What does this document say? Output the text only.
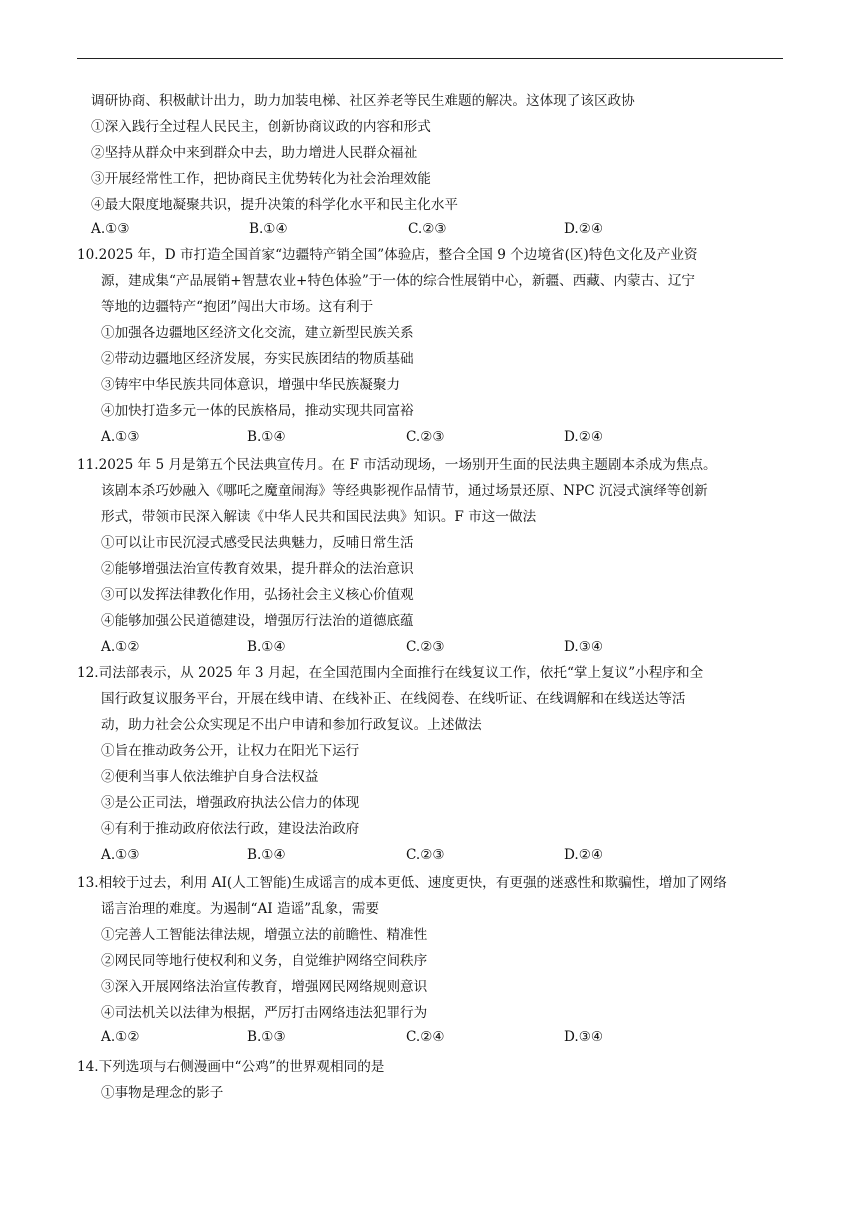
调研协商、积极献计出力，助力加装电梯、社区养老等民生难题的解决。这体现了该区政协
①深入践行全过程人民民主，创新协商议政的内容和形式
②坚持从群众中来到群众中去，助力增进人民群众福祉
③开展经常性工作，把协商民主优势转化为社会治理效能
④最大限度地凝聚共识，提升决策的科学化水平和民主化水平
A.①③	B.①④	C.②③	D.②④
10.2025 年，D 市打造全国首家“边疆特产销全国”体验店，整合全国 9 个边境省(区)特色文化及产业资
源，建成集“产品展销+智慧农业+特色体验”于一体的综合性展销中心，新疆、西藏、内蒙古、辽宁
等地的边疆特产“抱团”闯出大市场。这有利于
①加强各边疆地区经济文化交流，建立新型民族关系
②带动边疆地区经济发展，夯实民族团结的物质基础
③铸牢中华民族共同体意识，增强中华民族凝聚力
④加快打造多元一体的民族格局，推动实现共同富裕
A.①③	B.①④	C.②③	D.②④
11.2025 年 5 月是第五个民法典宣传月。在 F 市活动现场，一场别开生面的民法典主题剧本杀成为焦点。
该剧本杀巧妙融入《哪吒之魔童闹海》等经典影视作品情节，通过场景还原、NPC 沉浸式演绎等创新
形式，带领市民深入解读《中华人民共和国民法典》知识。F 市这一做法
①可以让市民沉浸式感受民法典魅力，反哺日常生活
②能够增强法治宣传教育效果，提升群众的法治意识
③可以发挥法律教化作用，弘扬社会主义核心价值观
④能够加强公民道德建设，增强厉行法治的道德底蕴
A.①②	B.①④	C.②③	D.③④
12.司法部表示，从 2025 年 3 月起，在全国范围内全面推行在线复议工作，依托“掌上复议”小程序和全
国行政复议服务平台，开展在线申请、在线补正、在线阅卷、在线听证、在线调解和在线送达等活
动，助力社会公众实现足不出户申请和参加行政复议。上述做法
①旨在推动政务公开，让权力在阳光下运行
②便利当事人依法维护自身合法权益
③是公正司法，增强政府执法公信力的体现
④有利于推动政府依法行政，建设法治政府
A.①③	B.①④	C.②③	D.②④
13.相较于过去，利用 AI(人工智能)生成谣言的成本更低、速度更快，有更强的迷惑性和欺骗性，增加了网络
谣言治理的难度。为遏制“AI 造谣”乱象，需要
①完善人工智能法律法规，增强立法的前瞻性、精准性
②网民同等地行使权利和义务，自觉维护网络空间秩序
③深入开展网络法治宣传教育，增强网民网络规则意识
④司法机关以法律为根据，严厉打击网络违法犯罪行为
A.①②	B.①③	C.②④	D.③④
14.下列选项与右侧漫画中“公鸡”的世界观相同的是
①事物是理念的影子
